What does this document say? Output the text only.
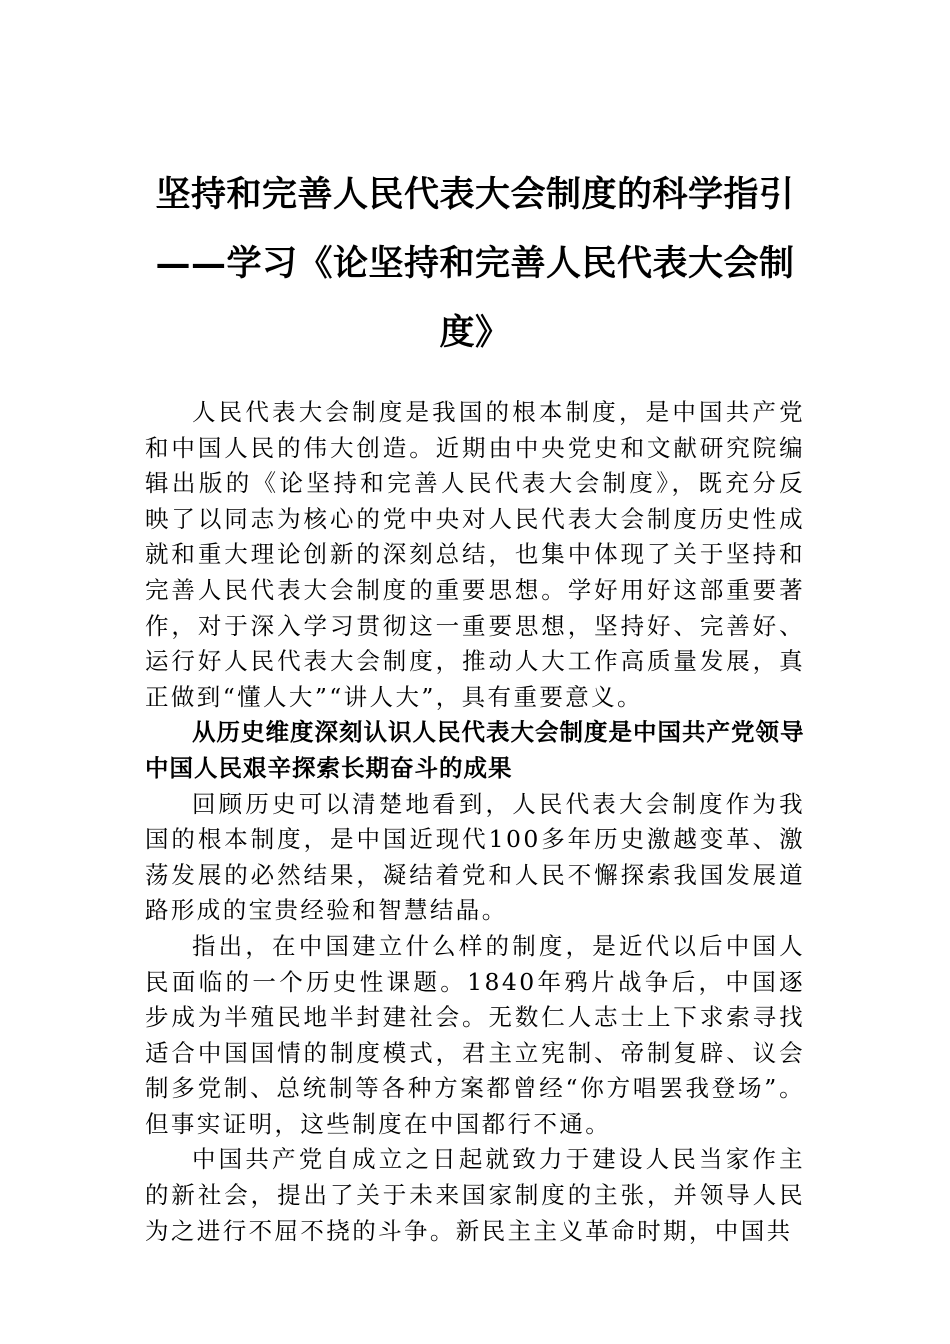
坚持和完善人民代表大会制度的科学指引
——学习《论坚持和完善人民代表大会制
度》

人民代表大会制度是我国的根本制度，是中国共产党和中国人民的伟大创造。近期由中央党史和文献研究院编辑出版的《论坚持和完善人民代表大会制度》，既充分反映了以同志为核心的党中央对人民代表大会制度历史性成就和重大理论创新的深刻总结，也集中体现了关于坚持和完善人民代表大会制度的重要思想。学好用好这部重要著作，对于深入学习贯彻这一重要思想，坚持好、完善好、运行好人民代表大会制度，推动人大工作高质量发展，真正做到“懂人大”“讲人大”，具有重要意义。

从历史维度深刻认识人民代表大会制度是中国共产党领导中国人民艰辛探索长期奋斗的成果

回顾历史可以清楚地看到，人民代表大会制度作为我国的根本制度，是中国近现代100多年历史激越变革、激荡发展的必然结果，凝结着党和人民不懈探索我国发展道路形成的宝贵经验和智慧结晶。

指出，在中国建立什么样的制度，是近代以后中国人民面临的一个历史性课题。1840年鸦片战争后，中国逐步成为半殖民地半封建社会。无数仁人志士上下求索寻找适合中国国情的制度模式，君主立宪制、帝制复辟、议会制多党制、总统制等各种方案都曾经“你方唱罢我登场”。但事实证明，这些制度在中国都行不通。

中国共产党自成立之日起就致力于建设人民当家作主的新社会，提出了关于未来国家制度的主张，并领导人民为之进行不屈不挠的斗争。新民主主义革命时期，中国共
